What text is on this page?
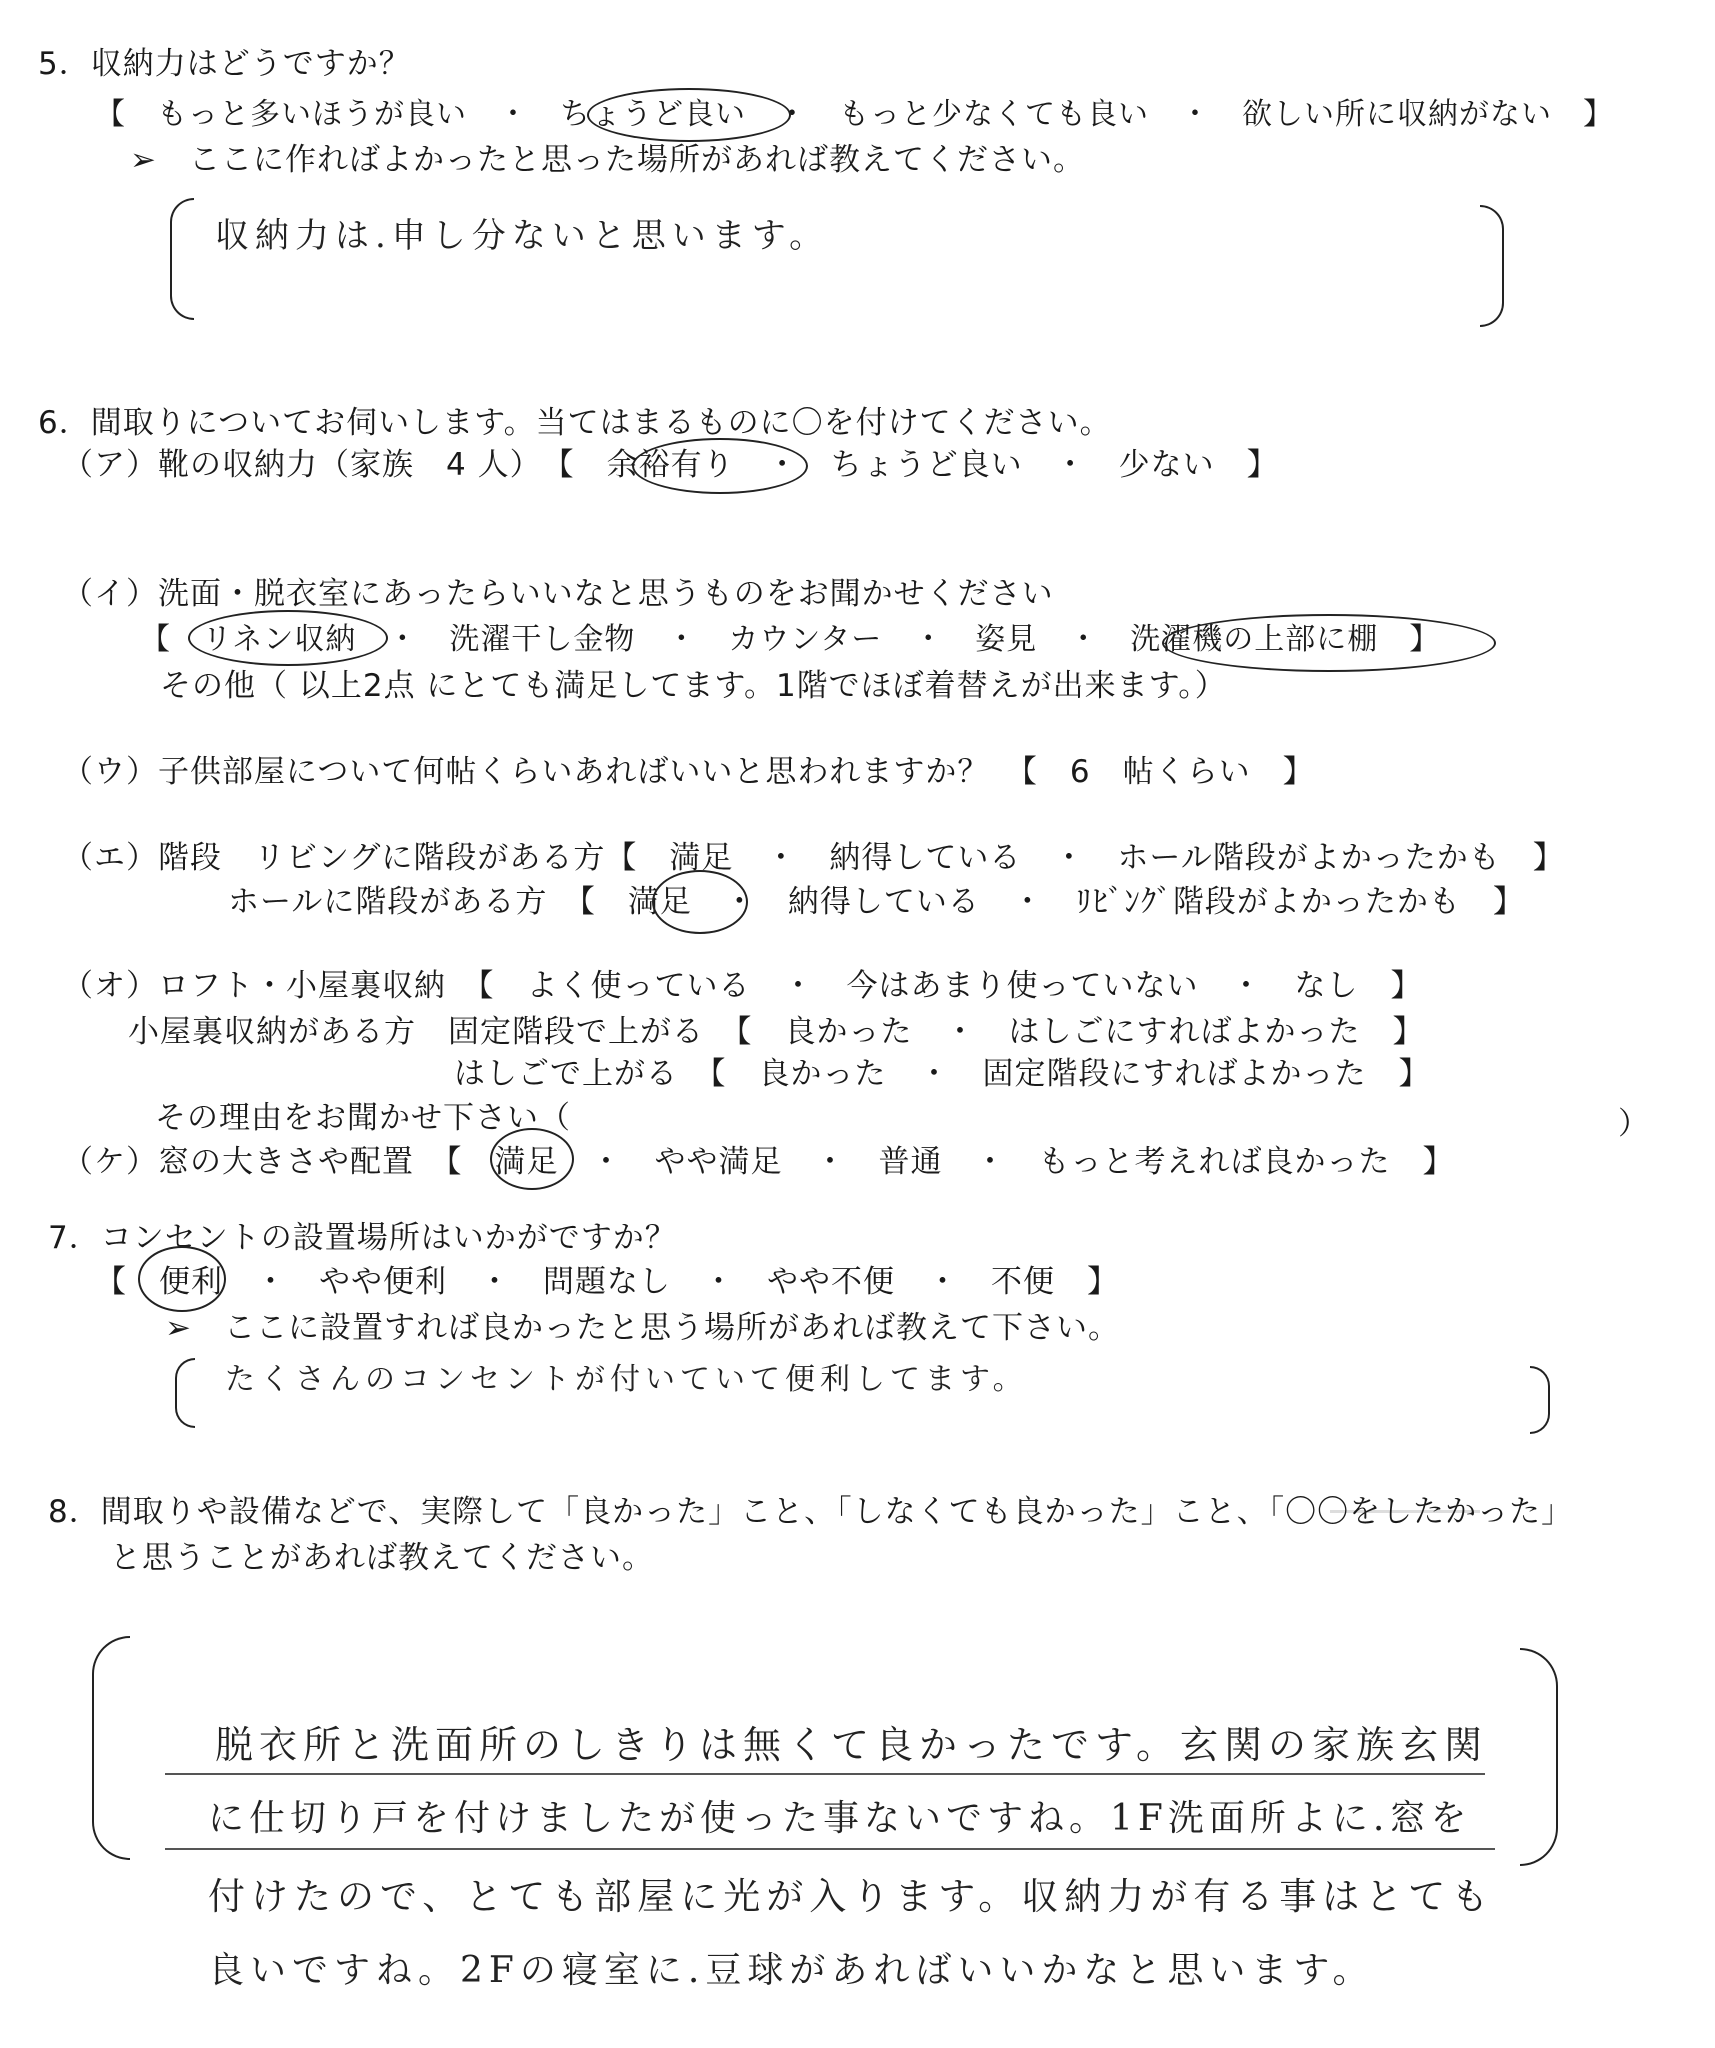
5．収納力はどうですか？
【　もっと多いほうが良い　・　ちょうど良い　・　もっと少なくても良い　・　欲しい所に収納がない　】
➢　ここに作ればよかったと思った場所があれば教えてください。
収納力は.申し分ないと思います。
6．間取りについてお伺いします。当てはまるものに〇を付けてください。
（ア）靴の収納力（家族　4 人）　【　余裕有り　・　ちょうど良い　・　少ない　】
（イ）洗面・脱衣室にあったらいいなと思うものをお聞かせください
【　リネン収納　・　洗濯干し金物　・　カウンター　・　姿見　・　洗濯機の上部に棚　】
その他（ 以上2点 にとても満足してます。1階でほぼ着替えが出来ます。）
（ウ）子供部屋について何帖くらいあればいいと思われますか？　【　6　帖くらい　】
（エ）階段　リビングに階段がある方【　満足　・　納得している　・　ホール階段がよかったかも　】
ホールに階段がある方　【　満足　・　納得している　・　ﾘﾋﾞﾝｸﾞ階段がよかったかも　】
（オ）ロフト・小屋裏収納　【　よく使っている　・　今はあまり使っていない　・　なし　】
小屋裏収納がある方　固定階段で上がる　【　良かった　・　はしごにすればよかった　】
はしごで上がる　【　良かった　・　固定階段にすればよかった　】
その理由をお聞かせ下さい（	）
（ケ）窓の大きさや配置　【　満足　・　やや満足　・　普通　・　もっと考えれば良かった　】
7．コンセントの設置場所はいかがですか？
【　便利　・　やや便利　・　問題なし　・　やや不便　・　不便　】
➢　ここに設置すれば良かったと思う場所があれば教えて下さい。
たくさんのコンセントが付いていて便利してます。
8．間取りや設備などで、実際して「良かった」こと、「しなくても良かった」こと、「〇〇をしたかった」
と思うことがあれば教えてください。
脱衣所と洗面所のしきりは無くて良かったです。玄関の家族玄関
に仕切り戸を付けましたが使った事ないですね。1F洗面所よに.窓を
付けたので、とても部屋に光が入ります。収納力が有る事はとても
良いですね。2Fの寝室に.豆球があればいいかなと思います。
